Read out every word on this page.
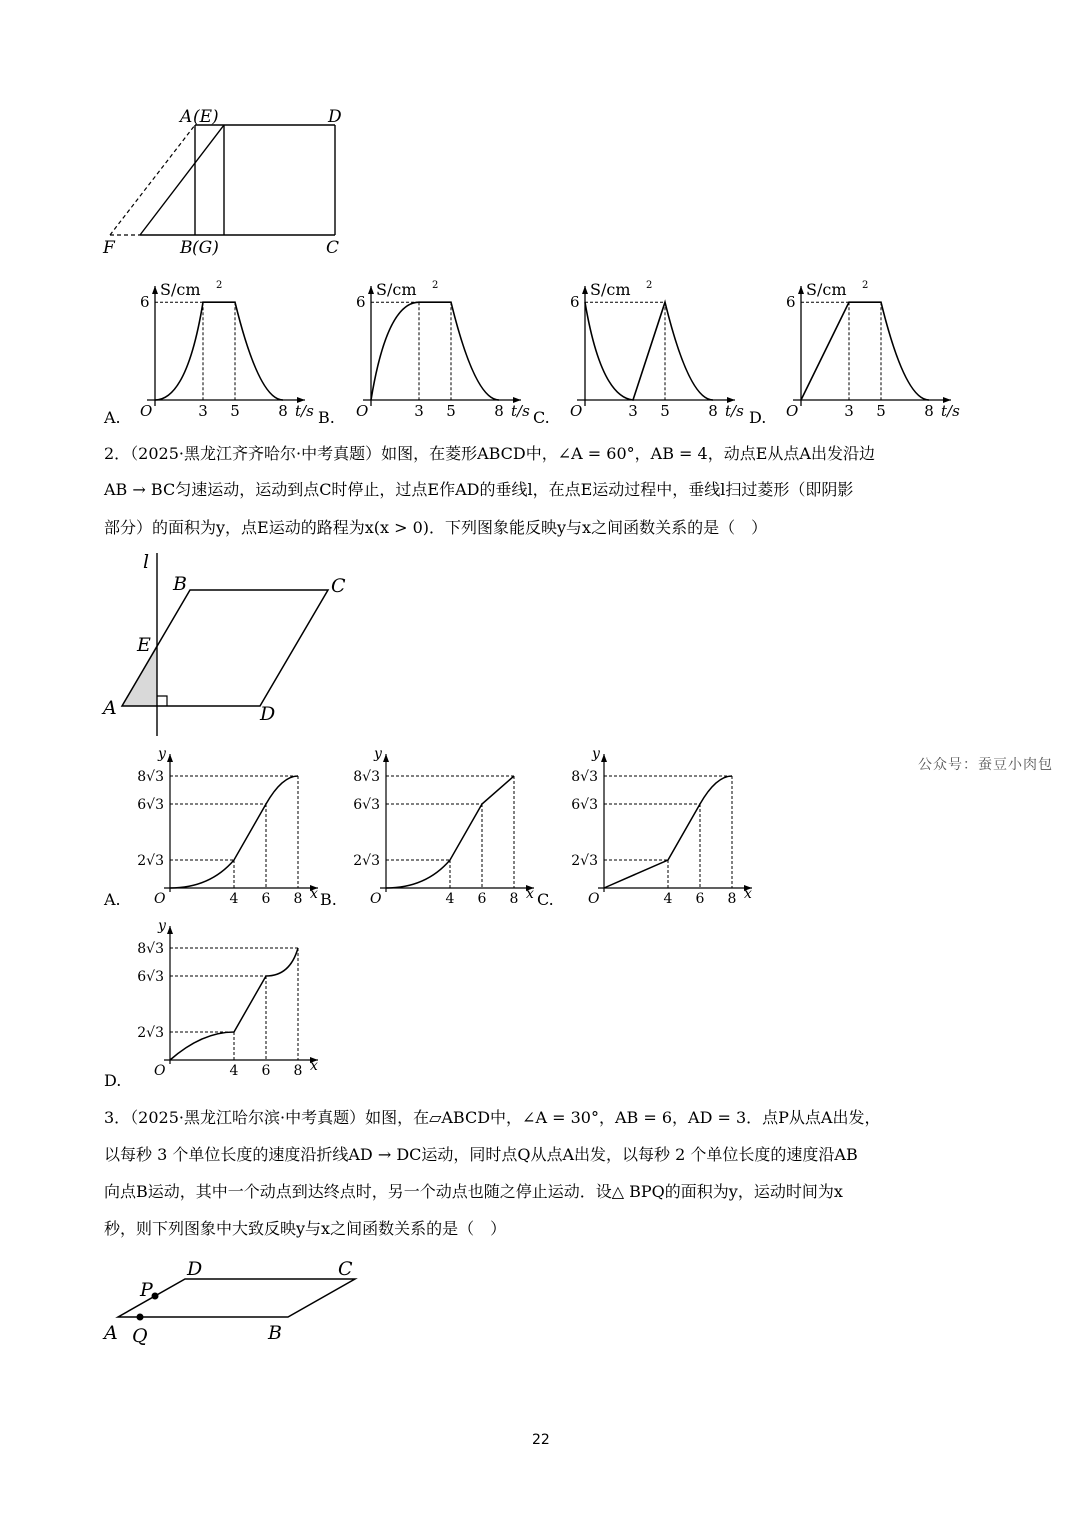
A (E)	D
F	B (G)	C
A.	B.	C.	D.
2．（2025·黑龙江齐齐哈尔·中考真题）如图，在菱形ABCD中，∠A = 60°，AB = 4，动点E从点A出发沿边
AB → BC匀速运动，运动到点C时停止，过点E作AD的垂线l，在点E运动过程中，垂线l扫过菱形（即阴影
部分）的面积为y，点E运动的路程为x(x > 0)．下列图象能反映y与x之间函数关系的是（　）
l
B	C
E
A	D
公众号：蚕豆小肉包
A.	B.	C.
D.
3．（2025·黑龙江哈尔滨·中考真题）如图，在▱ABCD中，∠A = 30°，AB = 6，AD = 3．点P从点A出发，
以每秒 3 个单位长度的速度沿折线AD → DC运动，同时点Q从点A出发，以每秒 2 个单位长度的速度沿AB
向点B运动，其中一个动点到达终点时，另一个动点也随之停止运动．设△ BPQ的面积为y，运动时间为x
秒，则下列图象中大致反映y与x之间函数关系的是（　）
D	C
P
A Q	B
22
S/cm 2
6
O	3 5	8 t/s
S/cm 2
6
O	3 5	8 t/s
S/cm 2
6
O	3 5	8 t/s
S/cm 2
6
O	3 5	8 t/s
y
8√3
6√3
2√3
O	4 6 8 x
y
8√3
6√3
2√3
O	4 6 8 x
y
8√3
6√3
2√3
O	4 6 8 x
y
8√3
6√3
2√3
O	4 6 8 x
